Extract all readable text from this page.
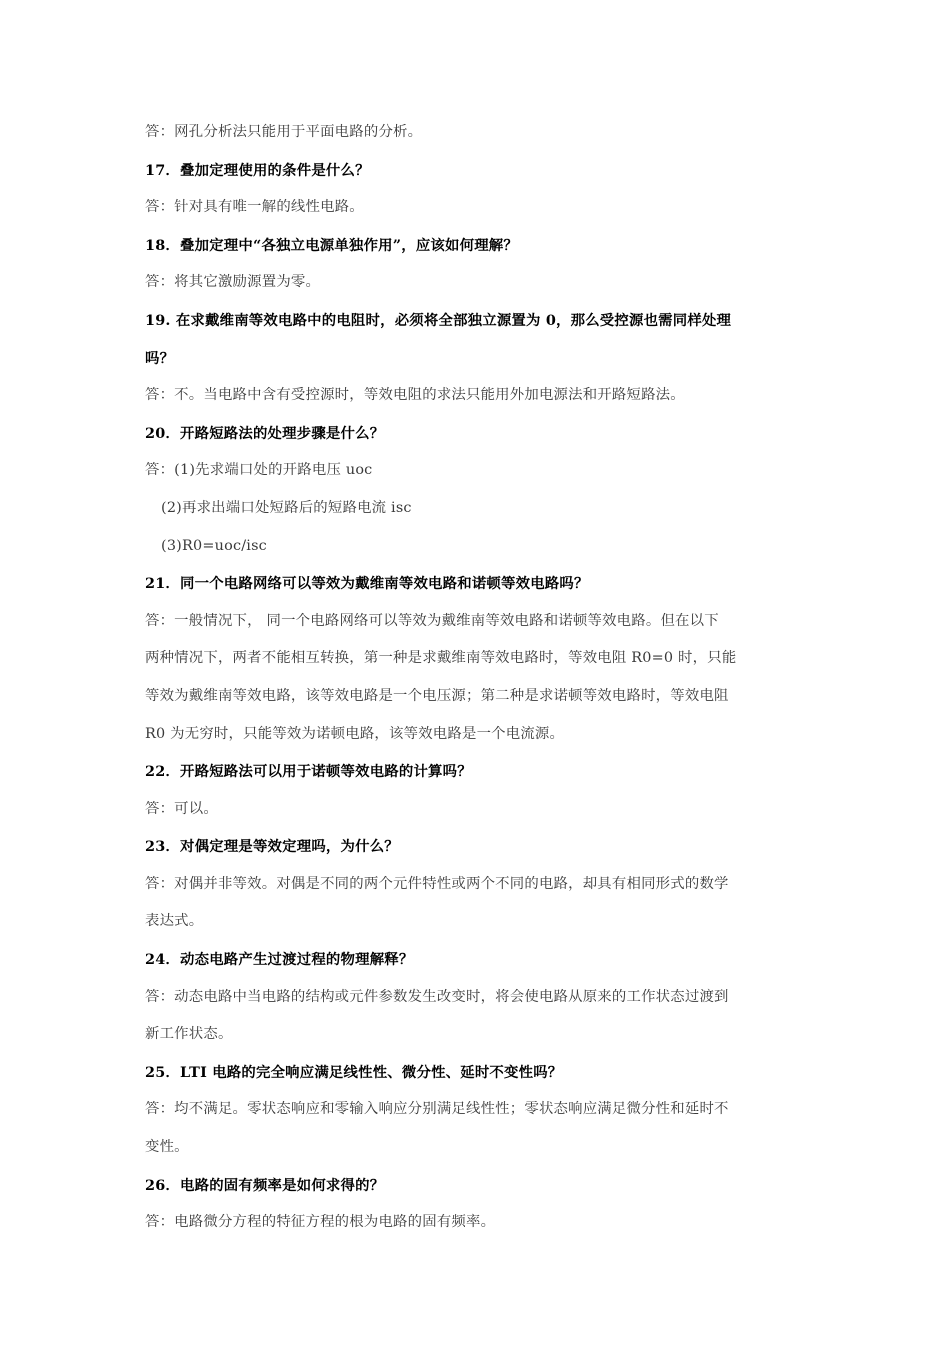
答：网孔分析法只能用于平面电路的分析。
17．叠加定理使用的条件是什么？
答：针对具有唯一解的线性电路。
18．叠加定理中“各独立电源单独作用”，应该如何理解？
答：将其它激励源置为零。
19. 在求戴维南等效电路中的电阻时，必须将全部独立源置为 0，那么受控源也需同样处理
吗？
答：不。当电路中含有受控源时，等效电阻的求法只能用外加电源法和开路短路法。
20．开路短路法的处理步骤是什么？
答：(1)先求端口处的开路电压 uoc
(2)再求出端口处短路后的短路电流 isc
(3)R0=uoc/isc
21．同一个电路网络可以等效为戴维南等效电路和诺顿等效电路吗？
答：一般情况下， 同一个电路网络可以等效为戴维南等效电路和诺顿等效电路。但在以下
两种情况下，两者不能相互转换，第一种是求戴维南等效电路时，等效电阻 R0=0 时，只能
等效为戴维南等效电路，该等效电路是一个电压源；第二种是求诺顿等效电路时，等效电阻
R0 为无穷时，只能等效为诺顿电路，该等效电路是一个电流源。
22．开路短路法可以用于诺顿等效电路的计算吗？
答：可以。
23．对偶定理是等效定理吗，为什么？
答：对偶并非等效。对偶是不同的两个元件特性或两个不同的电路，却具有相同形式的数学
表达式。
24．动态电路产生过渡过程的物理解释？
答：动态电路中当电路的结构或元件参数发生改变时，将会使电路从原来的工作状态过渡到
新工作状态。
25．LTI 电路的完全响应满足线性性、微分性、延时不变性吗？
答：均不满足。零状态响应和零输入响应分别满足线性性；零状态响应满足微分性和延时不
变性。
26．电路的固有频率是如何求得的？
答：电路微分方程的特征方程的根为电路的固有频率。
